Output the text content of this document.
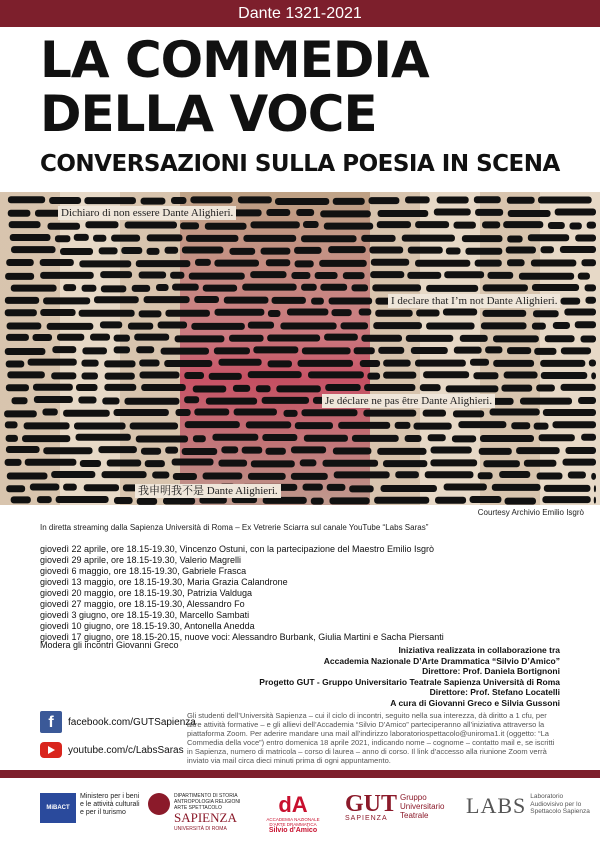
Dante 1321-2021
LA COMMEDIA
DELLA VOCE
CONVERSAZIONI SULLA POESIA IN SCENA
Dichiaro di non essere Dante Alighieri.
I declare that I’m not Dante Alighieri.
Je déclare ne pas être Dante Alighieri.
我申明我不是 Dante Alighieri.
Courtesy Archivio Emilio Isgrò
In diretta streaming dalla Sapienza Università di Roma – Ex Vetrerie Sciarra sul canale YouTube “Labs Saras”
giovedì 22 aprile, ore 18.15-19.30, Vincenzo Ostuni, con la partecipazione del Maestro Emilio Isgrò
giovedì 29 aprile, ore 18.15-19.30, Valerio Magrelli
giovedì 6 maggio, ore 18.15-19.30, Gabriele Frasca
giovedì 13 maggio, ore 18.15-19.30, Maria Grazia Calandrone
giovedì 20 maggio, ore 18.15-19.30, Patrizia Valduga
giovedì 27 maggio, ore 18.15-19.30, Alessandro Fo
giovedì 3 giugno, ore 18.15-19.30, Marcello Sambati
giovedì 10 giugno, ore 18.15-19.30, Antonella Anedda
giovedì 17 giugno, ore 18.15-20.15, nuove voci: Alessandro Burbank, Giulia Martini e Sacha Piersanti
Modera gli incontri Giovanni Greco	Iniziativa realizzata in collaborazione tra
Accademia Nazionale D’Arte Drammatica “Silvio D’Amico”
Direttore: Prof. Daniela Bortignoni
Progetto GUT - Gruppo Universitario Teatrale Sapienza Università di Roma
Direttore: Prof. Stefano Locatelli
A cura di Giovanni Greco e Silvia Gussoni
f	facebook.com/GUTSapienza
youtube.com/c/LabsSaras
Gli studenti dell’Università Sapienza – cui il ciclo di incontri, seguito nella sua interezza, dà diritto a 1 cfu, per altre attività formative – e gli allievi dell’Accademia “Silvio D’Amico” parteciperanno all’iniziativa attraverso la piattaforma Zoom. Per aderire mandare una mail all’indirizzo laboratoriospettacolo@uniroma1.it (oggetto: “La Commedia della voce”) entro domenica 18 aprile 2021, indicando nome – cognome – contatto mail e, se iscritti in Sapienza, numero di matricola – corso di laurea – anno di corso. Il link d’accesso alla riunione Zoom verrà inviato via mail circa dieci minuti prima di ogni appuntamento.
MiBACT
Ministero per i beni e le attività culturali e per il turismo
DIPARTIMENTO DI STORIA ANTROPOLOGIA RELIGIONI ARTE SPETTACOLO
SAPIENZA
UNIVERSITÀ DI ROMA
dA
ACCADEMIA NAZIONALE D’ARTE DRAMMATICA
Silvio d’Amico
GUT
SAPIENZA
Gruppo Universitario Teatrale	LABS Laboratorio Audiovisivo per lo Spettacolo Sapienza
